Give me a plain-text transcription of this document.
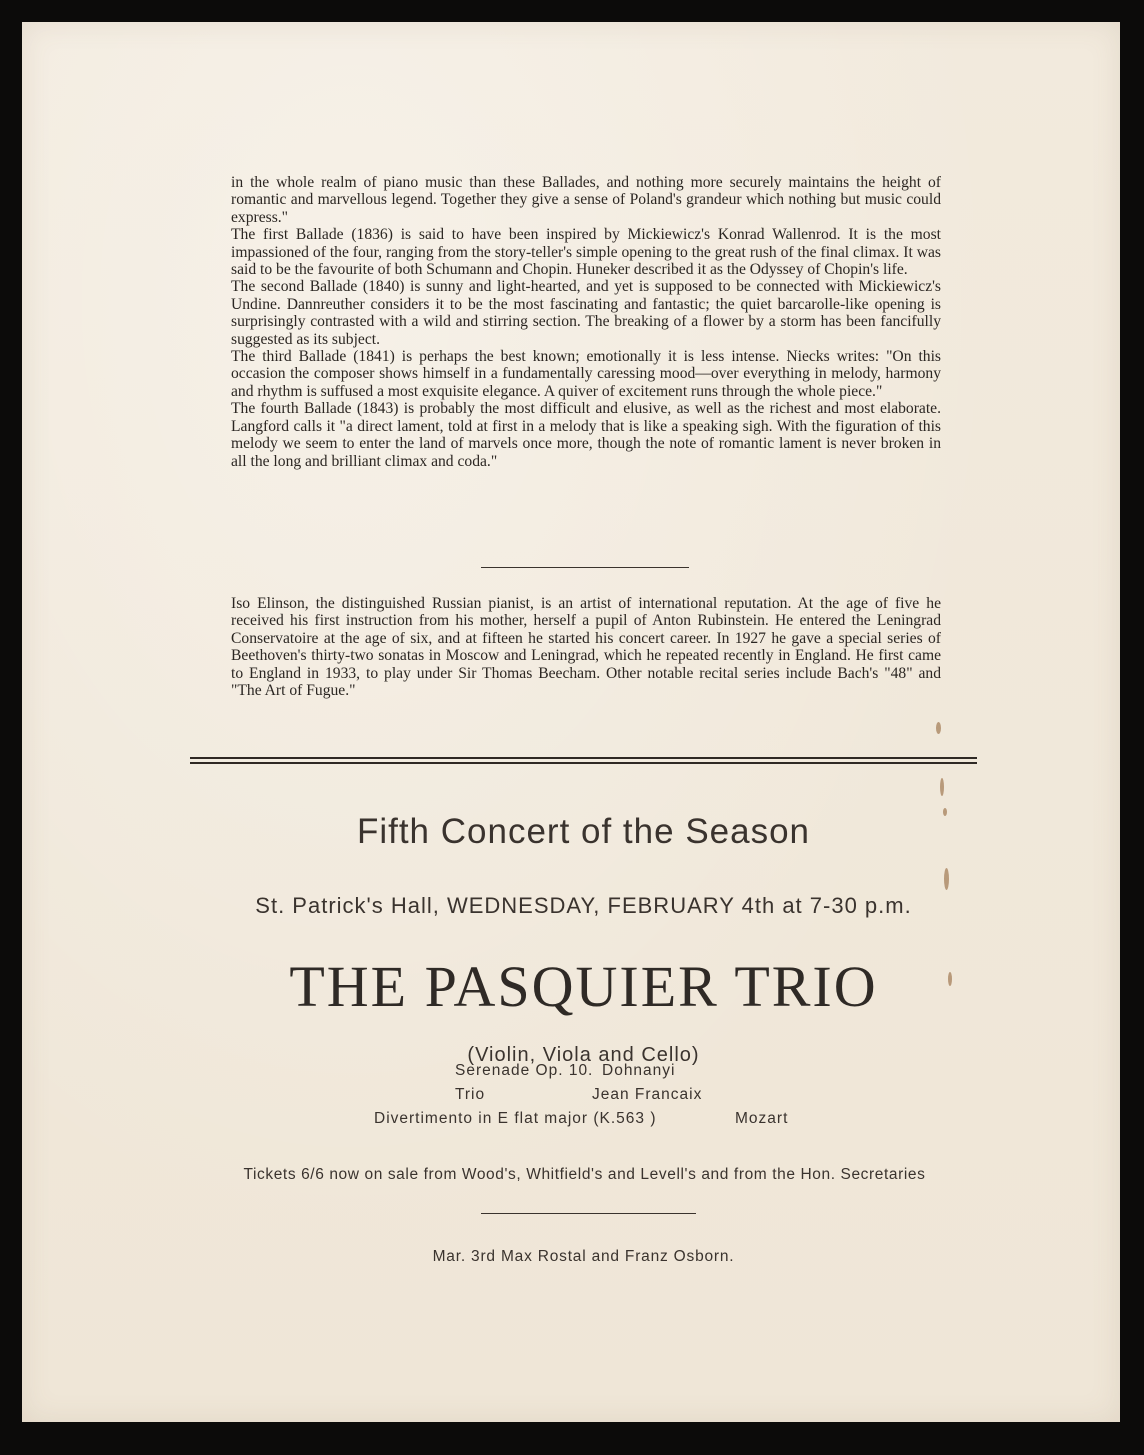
in the whole realm of piano music than these Ballades, and nothing more securely maintains the height of romantic and marvellous legend. Together they give a sense of Poland's grandeur which nothing but music could express."

The first Ballade (1836) is said to have been inspired by Mickiewicz's Konrad Wallenrod. It is the most impassioned of the four, ranging from the story-teller's simple opening to the great rush of the final climax. It was said to be the favourite of both Schumann and Chopin. Huneker described it as the Odyssey of Chopin's life.

The second Ballade (1840) is sunny and light-hearted, and yet is supposed to be connected with Mickiewicz's Undine. Dannreuther considers it to be the most fascinating and fantastic; the quiet barcarolle-like opening is surprisingly contrasted with a wild and stirring section. The breaking of a flower by a storm has been fancifully suggested as its subject.

The third Ballade (1841) is perhaps the best known; emotionally it is less intense. Niecks writes: "On this occasion the composer shows himself in a fundamentally caressing mood—over everything in melody, harmony and rhythm is suffused a most exquisite elegance. A quiver of excitement runs through the whole piece."

The fourth Ballade (1843) is probably the most difficult and elusive, as well as the richest and most elaborate. Langford calls it "a direct lament, told at first in a melody that is like a speaking sigh. With the figuration of this melody we seem to enter the land of marvels once more, though the note of romantic lament is never broken in all the long and brilliant climax and coda."

Iso Elinson, the distinguished Russian pianist, is an artist of international reputation. At the age of five he received his first instruction from his mother, herself a pupil of Anton Rubinstein. He entered the Leningrad Conservatoire at the age of six, and at fifteen he started his concert career. In 1927 he gave a special series of Beethoven's thirty-two sonatas in Moscow and Leningrad, which he repeated recently in England. He first came to England in 1933, to play under Sir Thomas Beecham. Other notable recital series include Bach's "48" and "The Art of Fugue."

Fifth Concert of the Season
St. Patrick's Hall, WEDNESDAY, FEBRUARY 4th at 7-30 p.m.
THE PASQUIER TRIO
(Violin, Viola and Cello)
Serenade Op. 10. Dohnanyi
Trio	Jean Francaix
Divertimento in E flat major (K.563 )	Mozart
Tickets 6/6 now on sale from Wood's, Whitfield's and Levell's and from the Hon. Secretaries
Mar. 3rd Max Rostal and Franz Osborn.
